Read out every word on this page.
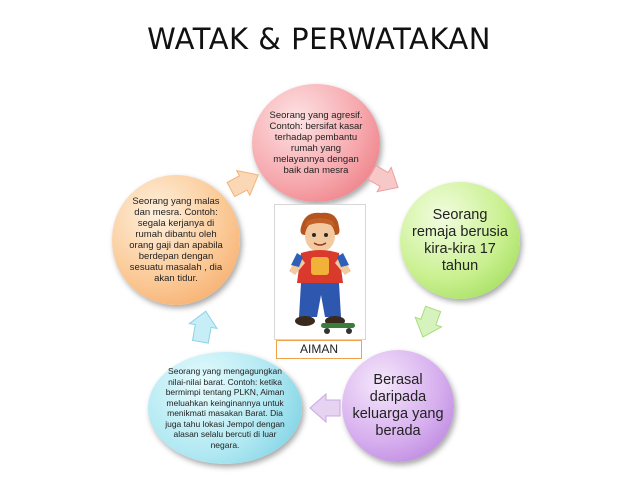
WATAK & PERWATAKAN
Seorang yang agresif. Contoh: bersifat kasar terhadap pembantu rumah yang melayannya dengan baik dan mesra
Seorang remaja berusia kira-kira 17 tahun
Berasal daripada keluarga yang berada
Seorang yang mengagungkan nilai-nilai barat. Contoh: ketika bermimpi tentang PLKN, Aiman meluahkan keinginannya untuk menikmati masakan Barat. Dia juga tahu lokasi Jempol dengan alasan selalu bercuti di luar negara.
Seorang yang malas dan mesra. Contoh: segala kerjanya di rumah dibantu oleh orang gaji dan apabila berdepan dengan sesuatu masalah , dia akan tidur.
AIMAN
